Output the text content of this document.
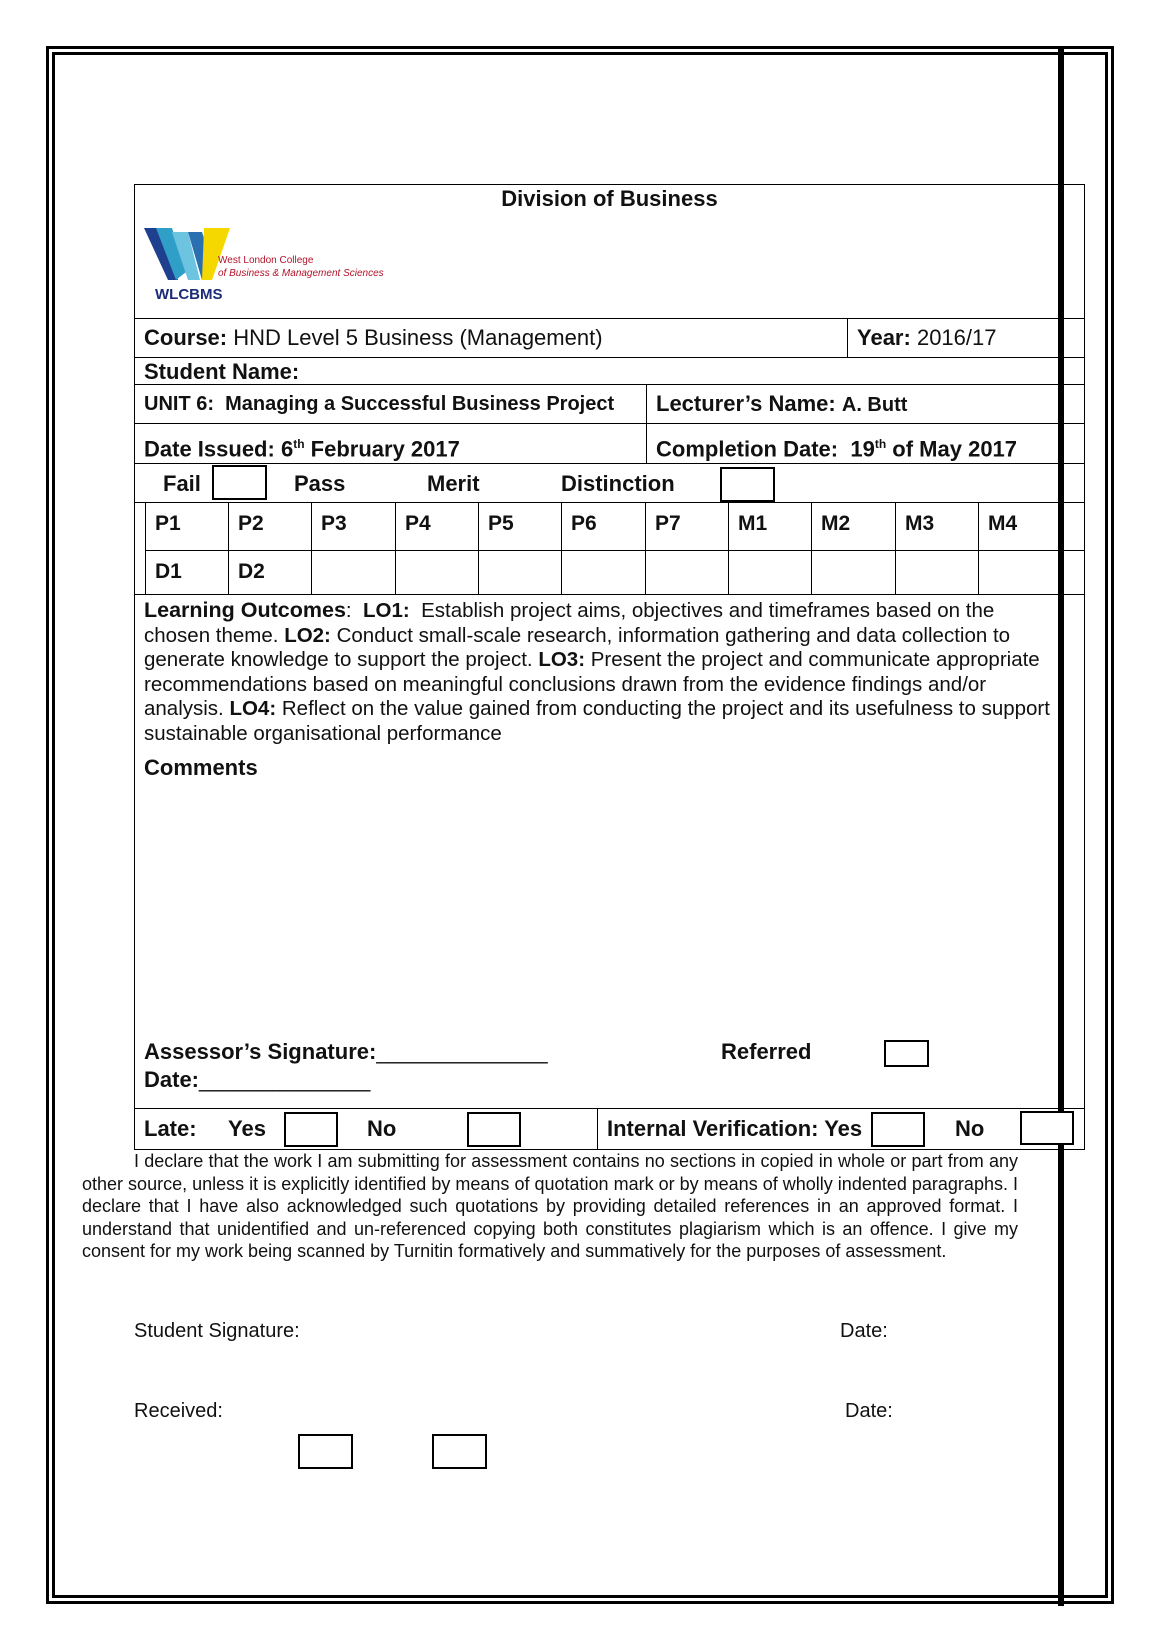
Division of Business
West London College
of Business & Management Sciences
WLCBMS
Course: HND Level 5 Business (Management)	Year: 2016/17
Student Name:
UNIT 6: Managing a Successful Business Project Lecturer’s Name: A. Butt
Date Issued: 6th February 2017	Completion Date: 19th of May 2017
Fail	Pass	Merit	Distinction
P1	P2	P3	P4	P5	P6	P7	M1	M2	M3	M4
D1	D2
Learning Outcomes:  LO1: Establish project aims, objectives and timeframes based on the chosen theme. LO2: Conduct small-scale research, information gathering and data collection to generate knowledge to support the project. LO3: Present the project and communicate appropriate recommendations based on meaningful conclusions drawn from the evidence findings and/or analysis. LO4: Reflect on the value gained from conducting the project and its usefulness to support sustainable organisational performance
Comments
Assessor’s Signature:______________
Date:______________
Referred
Late: Yes	No	Internal Verification: Yes	No
I declare that the work I am submitting for assessment contains no sections in copied in whole or part from any other source, unless it is explicitly identified by means of quotation mark or by means of wholly indented paragraphs. I declare that I have also acknowledged such quotations by providing detailed references in an approved format. I understand that unidentified and un-referenced copying both constitutes plagiarism which is an offence. I give my consent for my work being scanned by Turnitin formatively and summatively for the purposes of assessment.
Student Signature:	Date:
Received:	Date:
